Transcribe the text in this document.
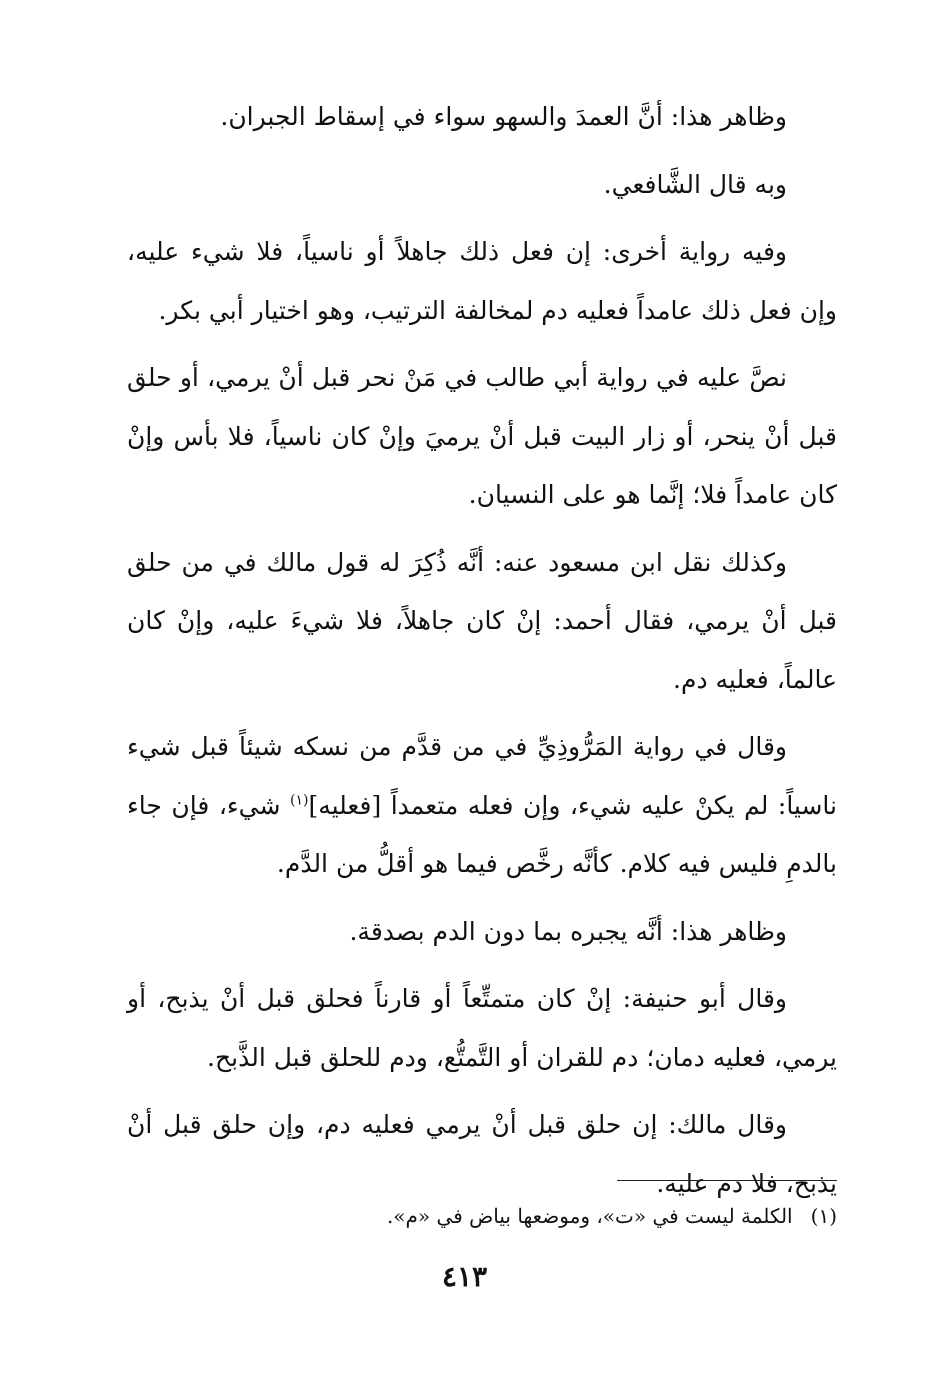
وظاهر هذا: أنَّ العمدَ والسهو سواء في إسقاط الجبران.

وبه قال الشَّافعي.

وفيه رواية أخرى: إن فعل ذلك جاهلاً أو ناسياً، فلا شيء عليه، وإن فعل ذلك عامداً فعليه دم لمخالفة الترتيب، وهو اختيار أبي بكر.

نصَّ عليه في رواية أبي طالب في مَنْ نحر قبل أنْ يرمي، أو حلق قبل أنْ ينحر، أو زار البيت قبل أنْ يرميَ وإنْ كان ناسياً، فلا بأس وإنْ كان عامداً فلا؛ إنَّما هو على النسيان.

وكذلك نقل ابن مسعود عنه: أنَّه ذُكِرَ له قول مالك في من حلق قبل أنْ يرمي، فقال أحمد: إنْ كان جاهلاً، فلا شيءَ عليه، وإنْ كان عالماً، فعليه دم.

وقال في رواية المَرُّوذِيِّ في من قدَّم من نسكه شيئاً قبل شيء ناسياً: لم يكنْ عليه شيء، وإن فعله متعمداً [فعليه]$^{(١)}$ شيء، فإن جاء بالدمِ فليس فيه كلام. كأنَّه رخَّص فيما هو أقلُّ من الدَّم.

وظاهر هذا: أنَّه يجبره بما دون الدم بصدقة.

وقال أبو حنيفة: إنْ كان متمتِّعاً أو قارناً فحلق قبل أنْ يذبح، أو يرمي، فعليه دمان؛ دم للقران أو التَّمتُّع، ودم للحلق قبل الذَّبح.

وقال مالك: إن حلق قبل أنْ يرمي فعليه دم، وإن حلق قبل أنْ يذبح، فلا دم عليه.

(١)
الكلمة ليست في «ت»، وموضعها بياض في «م».
٤١٣
